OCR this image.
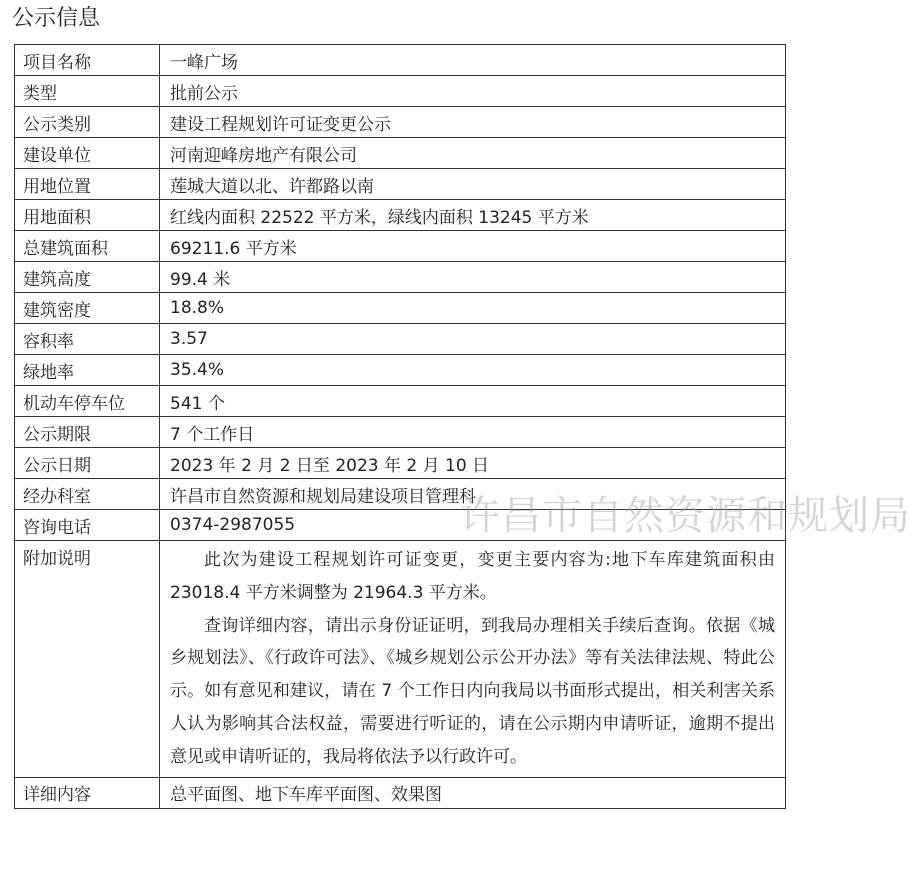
公示信息
项目名称	一峰广场
类型	批前公示
公示类别	建设工程规划许可证变更公示
建设单位	河南迎峰房地产有限公司
用地位置	莲城大道以北、许都路以南
用地面积	红线内面积 22522 平方米，绿线内面积 13245 平方米
总建筑面积	69211.6 平方米
建筑高度	99.4 米
建筑密度	18.8%
容积率	3.57
绿地率	35.4%
机动车停车位	541 个
公示期限	7 个工作日
公示日期	2023 年 2 月 2 日至 2023 年 2 月 10 日
经办科室	许昌市自然资源和规划局建设项目管理科
咨询电话	0374-2987055
附加说明	此次为建设工程规划许可证变更，变更主要内容为:地下车库建筑面积由 23018.4 平方米调整为 21964.3 平方米。

查询详细内容，请出示身份证证明，到我局办理相关手续后查询。依据《城乡规划法》、《行政许可法》、《城乡规划公示公开办法》等有关法律法规、特此公示。如有意见和建议，请在 7 个工作日内向我局以书面形式提出，相关利害关系人认为影响其合法权益，需要进行听证的，请在公示期内申请听证，逾期不提出意见或申请听证的，我局将依法予以行政许可。

详细内容	总平面图、地下车库平面图、效果图
许昌市自然资源和规划局
